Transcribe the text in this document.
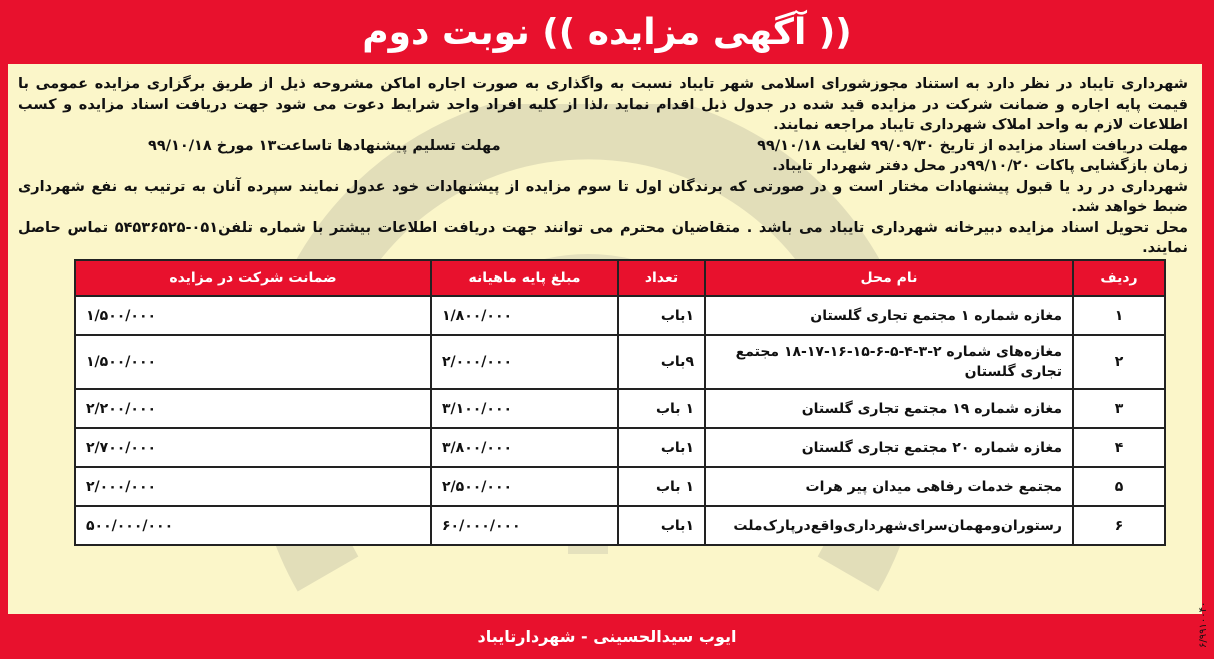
(( آگهی مزایده )) نوبت دوم

شهرداری تایباد در نظر دارد به استناد مجوزشورای اسلامی شهر تایباد نسبت به واگذاری به صورت اجاره اماکن مشروحه ذیل از طریق برگزاری مزایده عمومی با قیمت پایه اجاره و ضمانت شرکت در مزایده قید شده در جدول ذیل اقدام نماید ،لذا از کلیه افراد واجد شرایط دعوت می شود جهت دریافت اسناد مزایده و کسب اطلاعات لازم به واحد املاک شهرداری تایباد مراجعه نمایند.

مهلت دریافت اسناد مزایده از تاریخ ۹۹/۰۹/۳۰ لغایت ۹۹/۱۰/۱۸
مهلت تسلیم پیشنهادها تاساعت۱۳ مورخ ۹۹/۱۰/۱۸

زمان بازگشایی پاکات ۹۹/۱۰/۲۰در محل دفتر شهردار تایباد.

شهرداری در رد یا قبول پیشنهادات مختار است و در صورتی که برندگان اول تا سوم مزایده از پیشنهادات خود عدول نمایند سپرده آنان به ترتیب به نفع شهرداری ضبط خواهد شد.

محل تحویل اسناد مزایده دبیرخانه شهرداری تایباد می باشد . متقاضیان محترم می توانند جهت دریافت اطلاعات بیشتر با شماره تلفن۰۵۱-۵۴۵۳۶۵۲۵ تماس حاصل نمایند.

ردیف	نام محل	تعداد	مبلغ پایه ماهیانه	ضمانت شرکت در مزایده
۱	مغازه شماره ۱ مجتمع تجاری گلستان	۱باب	۱/۸۰۰/۰۰۰	۱/۵۰۰/۰۰۰
۲	مغازه‌های شماره ۲-۳-۴-۵-۶-۱۵-۱۶-۱۷-۱۸ مجتمع تجاری گلستان	۹باب	۲/۰۰۰/۰۰۰	۱/۵۰۰/۰۰۰
۳	مغازه شماره ۱۹ مجتمع تجاری گلستان	۱ باب	۳/۱۰۰/۰۰۰	۲/۲۰۰/۰۰۰
۴	مغازه شماره ۲۰ مجتمع تجاری گلستان	۱باب	۳/۸۰۰/۰۰۰	۲/۷۰۰/۰۰۰
۵	مجتمع خدمات رفاهی میدان پیر هرات	۱ باب	۲/۵۰۰/۰۰۰	۲/۰۰۰/۰۰۰
۶	رستوران‌ومهمان‌سرای‌شهرداری‌واقع‌در‌پارک‌ملت	۱باب	۶۰/۰۰۰/۰۰۰	۵۰۰/۰۰۰/۰۰۰
ایوب سیدالحسینی - شهردارتایباد	۶/۹۹۱۰۰۴۰
